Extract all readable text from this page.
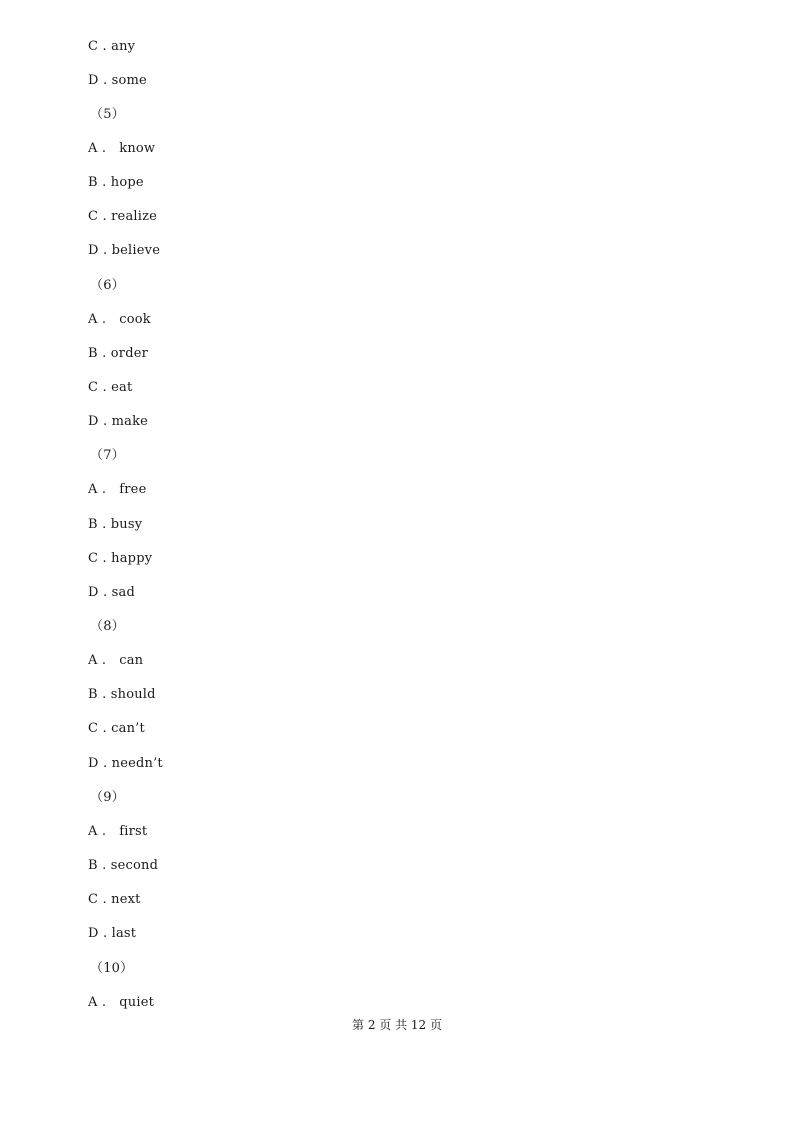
C . any
D . some
（5）
A .   know
B . hope
C . realize
D . believe
（6）
A .   cook
B . order
C . eat
D . make
（7）
A .   free
B . busy
C . happy
D . sad
（8）
A .   can
B . should
C . can’t
D . needn’t
（9）
A .   first
B . second
C . next
D . last
（10）
A .   quiet
第 2 页 共 12 页
